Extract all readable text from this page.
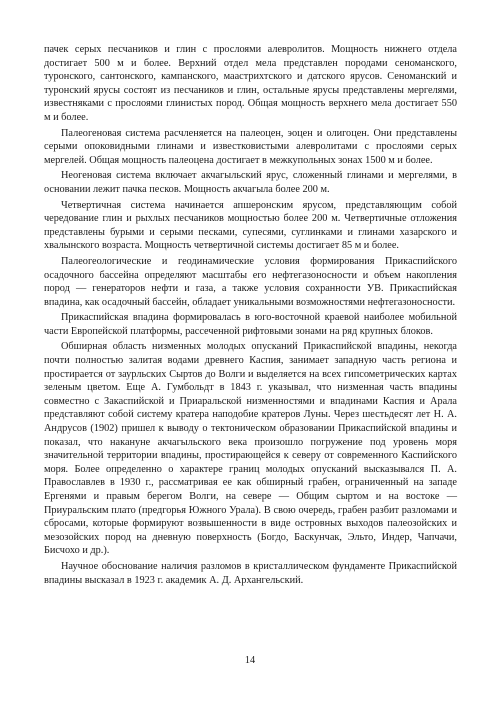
пачек серых песчаников и глин с прослоями алевролитов. Мощность нижнего отдела достигает 500 м и более. Верхний отдел мела представлен породами сеноманского, туронского, сантонского, кампанского, маастрихтского и датского ярусов. Сеноманский и туронский ярусы состоят из песчаников и глин, остальные ярусы представлены мергелями, известняками с прослоями глинистых пород. Общая мощность верхнего мела достигает 550 м и более.

Палеогеновая система расчленяется на палеоцен, эоцен и олигоцен. Они представлены серыми опоковидными глинами и известковистыми алевролитами с прослоями серых мергелей. Общая мощность палеоцена достигает в межкупольных зонах 1500 м и более.

Неогеновая система включает акчагыльский ярус, сложенный глинами и мергелями, в основании лежит пачка песков. Мощность акчагыла более 200 м.

Четвертичная система начинается апшеронским ярусом, представляющим собой чередование глин и рыхлых песчаников мощностью более 200 м. Четвертичные отложения представлены бурыми и серыми песками, супесями, суглинками и глинами хазарского и хвалынского возраста. Мощность четвертичной системы достигает 85 м и более.

Палеогеологические и геодинамические условия формирования Прикаспийского осадочного бассейна определяют масштабы его нефтегазоносности и объем накопления пород — генераторов нефти и газа, а также условия сохранности УВ. Прикаспийская впадина, как осадочный бассейн, обладает уникальными возможностями нефтегазоносности.

Прикаспийская впадина формировалась в юго-восточной краевой наиболее мобильной части Европейской платформы, рассеченной рифтовыми зонами на ряд крупных блоков.

Обширная область низменных молодых опусканий Прикаспийской впадины, некогда почти полностью залитая водами древнего Каспия, занимает западную часть региона и простирается от заурльских Сыртов до Волги и выделяется на всех гипсометрических картах зеленым цветом. Еще А. Гумбольдт в 1843 г. указывал, что низменная часть впадины совместно с Закаспийской и Приаральской низменностями и впадинами Каспия и Арала представляют собой систему кратера наподобие кратеров Луны. Через шестьдесят лет Н. А. Андрусов (1902) пришел к выводу о тектоническом образовании Прикаспийской впадины и показал, что накануне акчагыльского века произошло погружение под уровень моря значительной территории впадины, простирающейся к северу от современного Каспийского моря. Более определенно о характере границ молодых опусканий высказывался П. А. Православлев в 1930 г., рассматривая ее как обширный грабен, ограниченный на западе Ергенями и правым берегом Волги, на севере — Общим сыртом и на востоке — Приуральским плато (предгорья Южного Урала). В свою очередь, грабен разбит разломами и сбросами, которые формируют возвышенности в виде островных выходов палеозойских и мезозойских пород на дневную поверхность (Богдо, Баскунчак, Эльто, Индер, Чапчачи, Бисчохо и др.).

Научное обоснование наличия разломов в кристаллическом фундаменте Прикаспийской впадины высказал в 1923 г. академик А. Д. Архангельский.

14
